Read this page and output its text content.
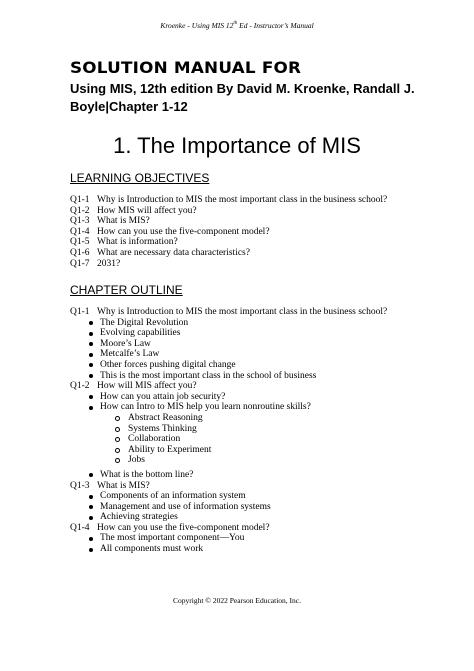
Kroenke - Using MIS 12th Ed - Instructor’s Manual
SOLUTION MANUAL FOR
Using MIS, 12th edition By David M. Kroenke, Randall J. Boyle|Chapter 1-12
1. The Importance of MIS
LEARNING OBJECTIVES
Q1-1 Why is Introduction to MIS the most important class in the business school?
Q1-2 How MIS will affect you?
Q1-3 What is MIS?
Q1-4 How can you use the five-component model?
Q1-5 What is information?
Q1-6 What are necessary data characteristics?
Q1-7 2031?
CHAPTER OUTLINE
Q1-1 Why is Introduction to MIS the most important class in the business school?
The Digital Revolution
Evolving capabilities
Moore’s Law
Metcalfe’s Law
Other forces pushing digital change
This is the most important class in the school of business
Q1-2 How will MIS affect you?
How can you attain job security?
How can Intro to MIS help you learn nonroutine skills?
Abstract Reasoning
Systems Thinking
Collaboration
Ability to Experiment
Jobs
What is the bottom line?
Q1-3 What is MIS?
Components of an information system
Management and use of information systems
Achieving strategies
Q1-4 How can you use the five-component model?
The most important component—You
All components must work
Copyright © 2022 Pearson Education, Inc.
